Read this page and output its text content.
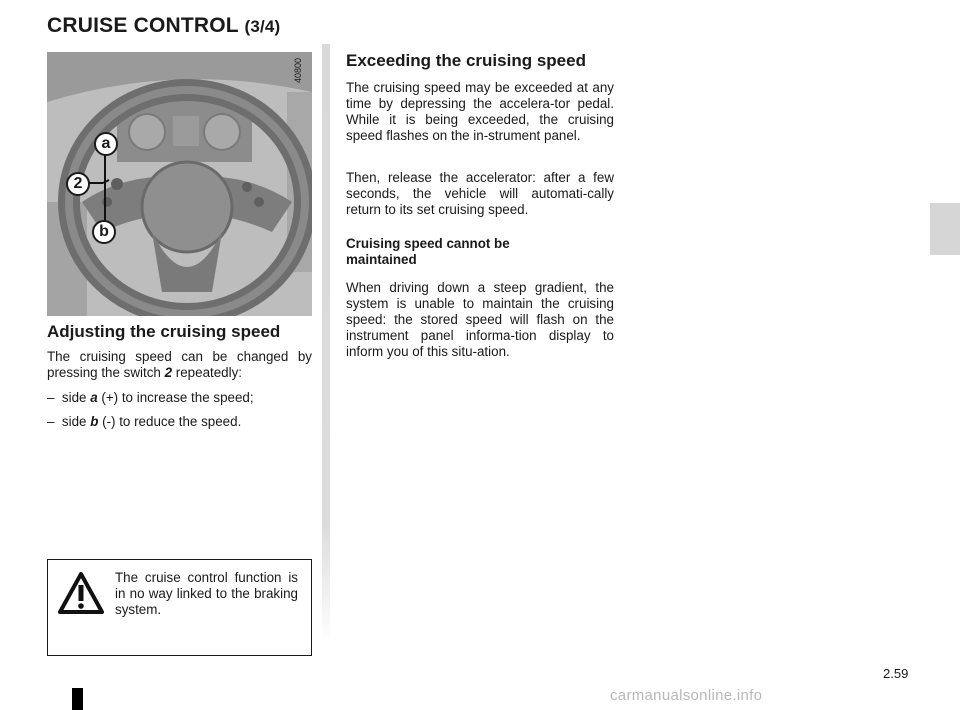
CRUISE CONTROL (3/4)
40800
a
2
b
Adjusting the cruising speed

The cruising speed can be changed by pressing the switch 2 repeatedly:

– side a (+) to increase the speed;
– side b (-) to reduce the speed.
The cruise control function is in no way linked to the braking system.
Exceeding the cruising speed

The cruising speed may be exceeded at any time by depressing the accelera-tor pedal. While it is being exceeded, the cruising speed flashes on the in-strument panel.

Then, release the accelerator: after a few seconds, the vehicle will automati-cally return to its set cruising speed.

Cruising speed cannot be maintained

When driving down a steep gradient, the system is unable to maintain the cruising speed: the stored speed will flash on the instrument panel informa-tion display to inform you of this situ-ation.

2.59
carmanualsonline.info
